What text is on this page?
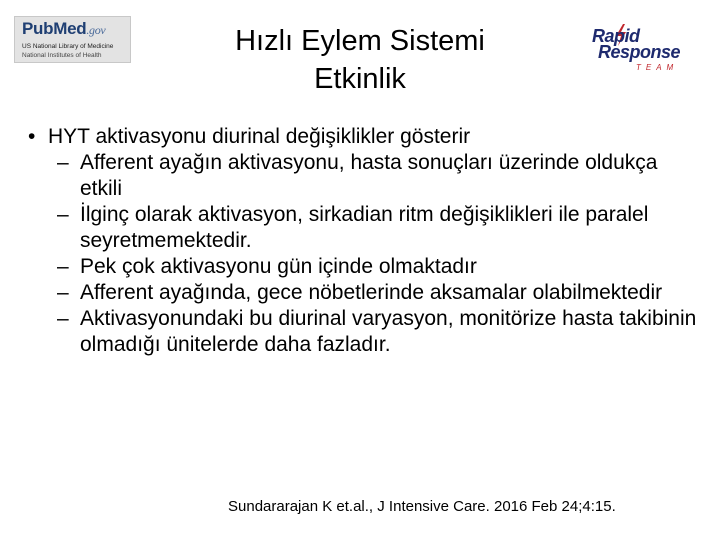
PubMed.gov
US National Library of Medicine
National Institutes of Health	Hızlı Eylem Sistemi
Etkinlik
Rapid
Response
TEAM
• HYT aktivasyonu diurinal değişiklikler gösterir
– Afferent ayağın aktivasyonu, hasta sonuçları üzerinde oldukça etkili
– İlginç olarak aktivasyon, sirkadian ritm değişiklikleri ile paralel seyretmemektedir.
– Pek çok aktivasyonu gün içinde olmaktadır
– Afferent ayağında, gece nöbetlerinde aksamalar olabilmektedir
– Aktivasyonundaki bu diurinal varyasyon, monitörize hasta takibinin olmadığı ünitelerde daha fazladır.
Sundararajan K et.al., J Intensive Care. 2016 Feb 24;4:15.
